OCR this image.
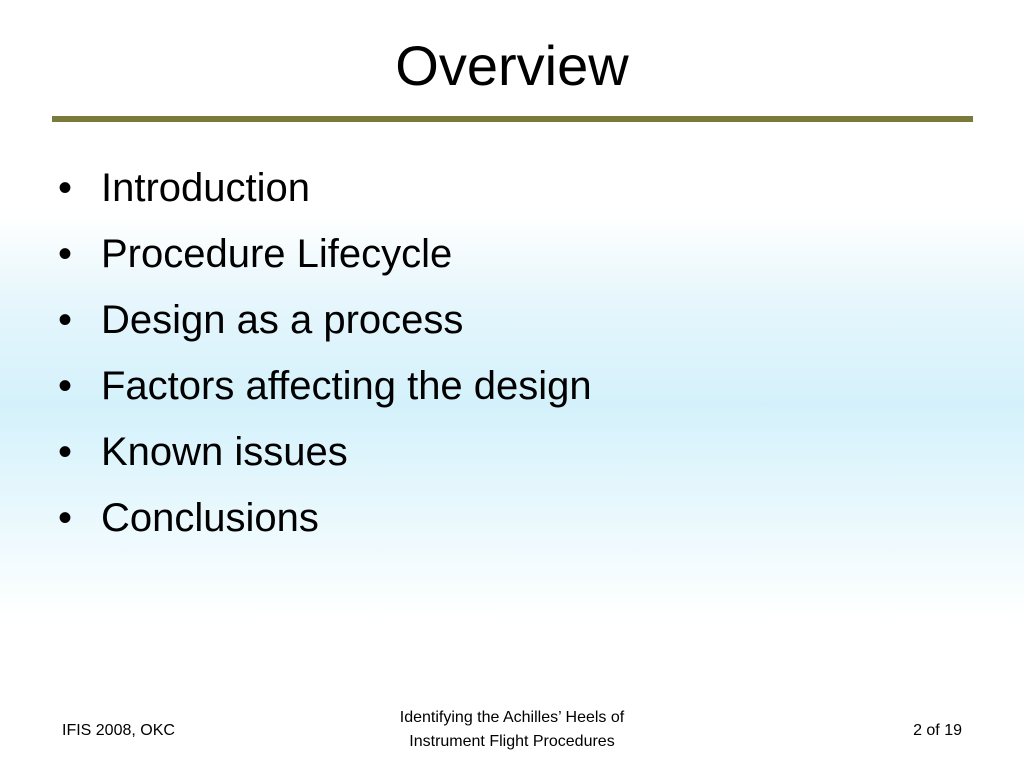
Overview
• Introduction
• Procedure Lifecycle
• Design as a process
• Factors affecting the design
• Known issues
• Conclusions
IFIS 2008, OKC
Identifying the Achilles’ Heels of
Instrument Flight Procedures
2 of 19
